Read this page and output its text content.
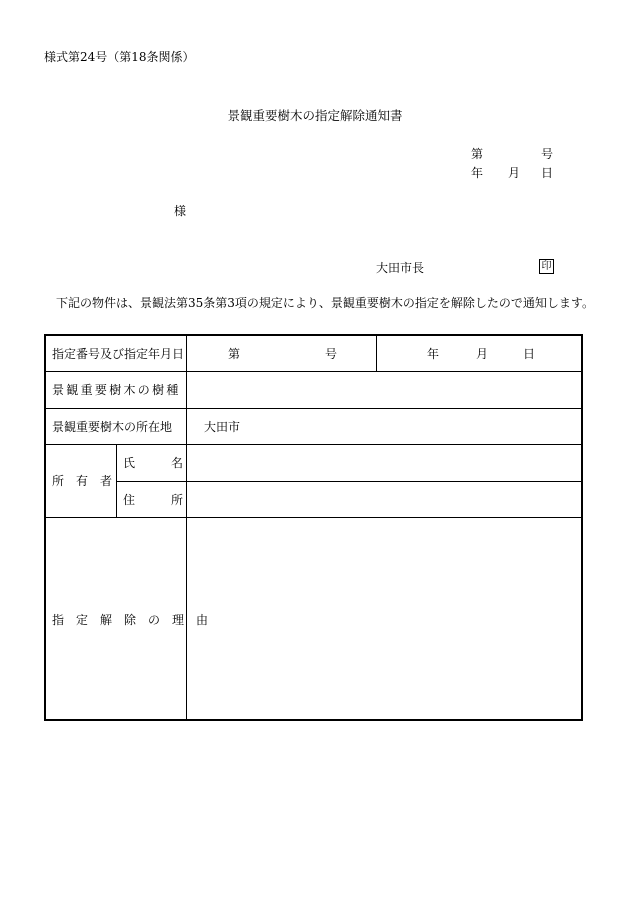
様式第24号（第18条関係）
景観重要樹木の指定解除通知書
第	号
年 月 日
様
大田市長	印
下記の物件は、景観法第35条第3項の規定により、景観重要樹木の指定を解除したので通知します。
指定番号及び指定年月日	第	号	年	月	日
景観重要樹木の樹種
景観重要樹木の所在地	大田市
所　有　者
氏　　　名
住　　　所
指　定　解　除　の　理　由
